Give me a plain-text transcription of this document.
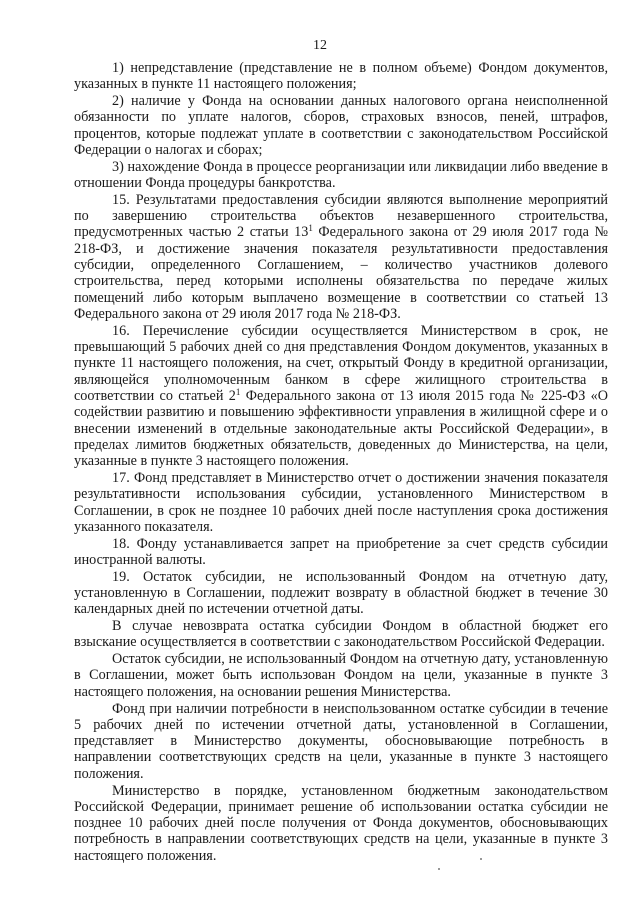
12

1) непредставление (представление не в полном объеме) Фондом документов, указанных в пункте 11 настоящего положения;

2) наличие у Фонда на основании данных налогового органа неисполненной обязанности по уплате налогов, сборов, страховых взносов, пеней, штрафов, процентов, которые подлежат уплате в соответствии с законодательством Российской Федерации о налогах и сборах;

3) нахождение Фонда в процессе реорганизации или ликвидации либо введение в отношении Фонда процедуры банкротства.

15. Результатами предоставления субсидии являются выполнение мероприятий по завершению строительства объектов незавершенного строительства, предусмотренных частью 2 статьи $13^1$ Федерального закона от 29 июля 2017 года № 218-ФЗ, и достижение значения показателя результативности предоставления субсидии, определенного Соглашением, – количество участников долевого строительства, перед которыми исполнены обязательства по передаче жилых помещений либо которым выплачено возмещение в соответствии со статьей 13 Федерального закона от 29 июля 2017 года № 218-ФЗ.

16. Перечисление субсидии осуществляется Министерством в срок, не превышающий 5 рабочих дней со дня представления Фондом документов, указанных в пункте 11 настоящего положения, на счет, открытый Фонду в кредитной организации, являющейся уполномоченным банком в сфере жилищного строительства в соответствии со статьей $2^1$ Федерального закона от 13 июля 2015 года № 225-ФЗ «О содействии развитию и повышению эффективности управления в жилищной сфере и о внесении изменений в отдельные законодательные акты Российской Федерации», в пределах лимитов бюджетных обязательств, доведенных до Министерства, на цели, указанные в пункте 3 настоящего положения.

17. Фонд представляет в Министерство отчет о достижении значения показателя результативности использования субсидии, установленного Министерством в Соглашении, в срок не позднее 10 рабочих дней после наступления срока достижения указанного показателя.

18. Фонду устанавливается запрет на приобретение за счет средств субсидии иностранной валюты.

19. Остаток субсидии, не использованный Фондом на отчетную дату, установленную в Соглашении, подлежит возврату в областной бюджет в течение 30 календарных дней по истечении отчетной даты.

В случае невозврата остатка субсидии Фондом в областной бюджет его взыскание осуществляется в соответствии с законодательством Российской Федерации.

Остаток субсидии, не использованный Фондом на отчетную дату, установленную в Соглашении, может быть использован Фондом на цели, указанные в пункте 3 настоящего положения, на основании решения Министерства.

Фонд при наличии потребности в неиспользованном остатке субсидии в течение 5 рабочих дней по истечении отчетной даты, установленной в Соглашении, представляет в Министерство документы, обосновывающие потребность в направлении соответствующих средств на цели, указанные в пункте 3 настоящего положения.

Министерство в порядке, установленном бюджетным законодательством Российской Федерации, принимает решение об использовании остатка субсидии не позднее 10 рабочих дней после получения от Фонда документов, обосновывающих потребность в направлении соответствующих средств на цели, указанные в пункте 3 настоящего положения.
